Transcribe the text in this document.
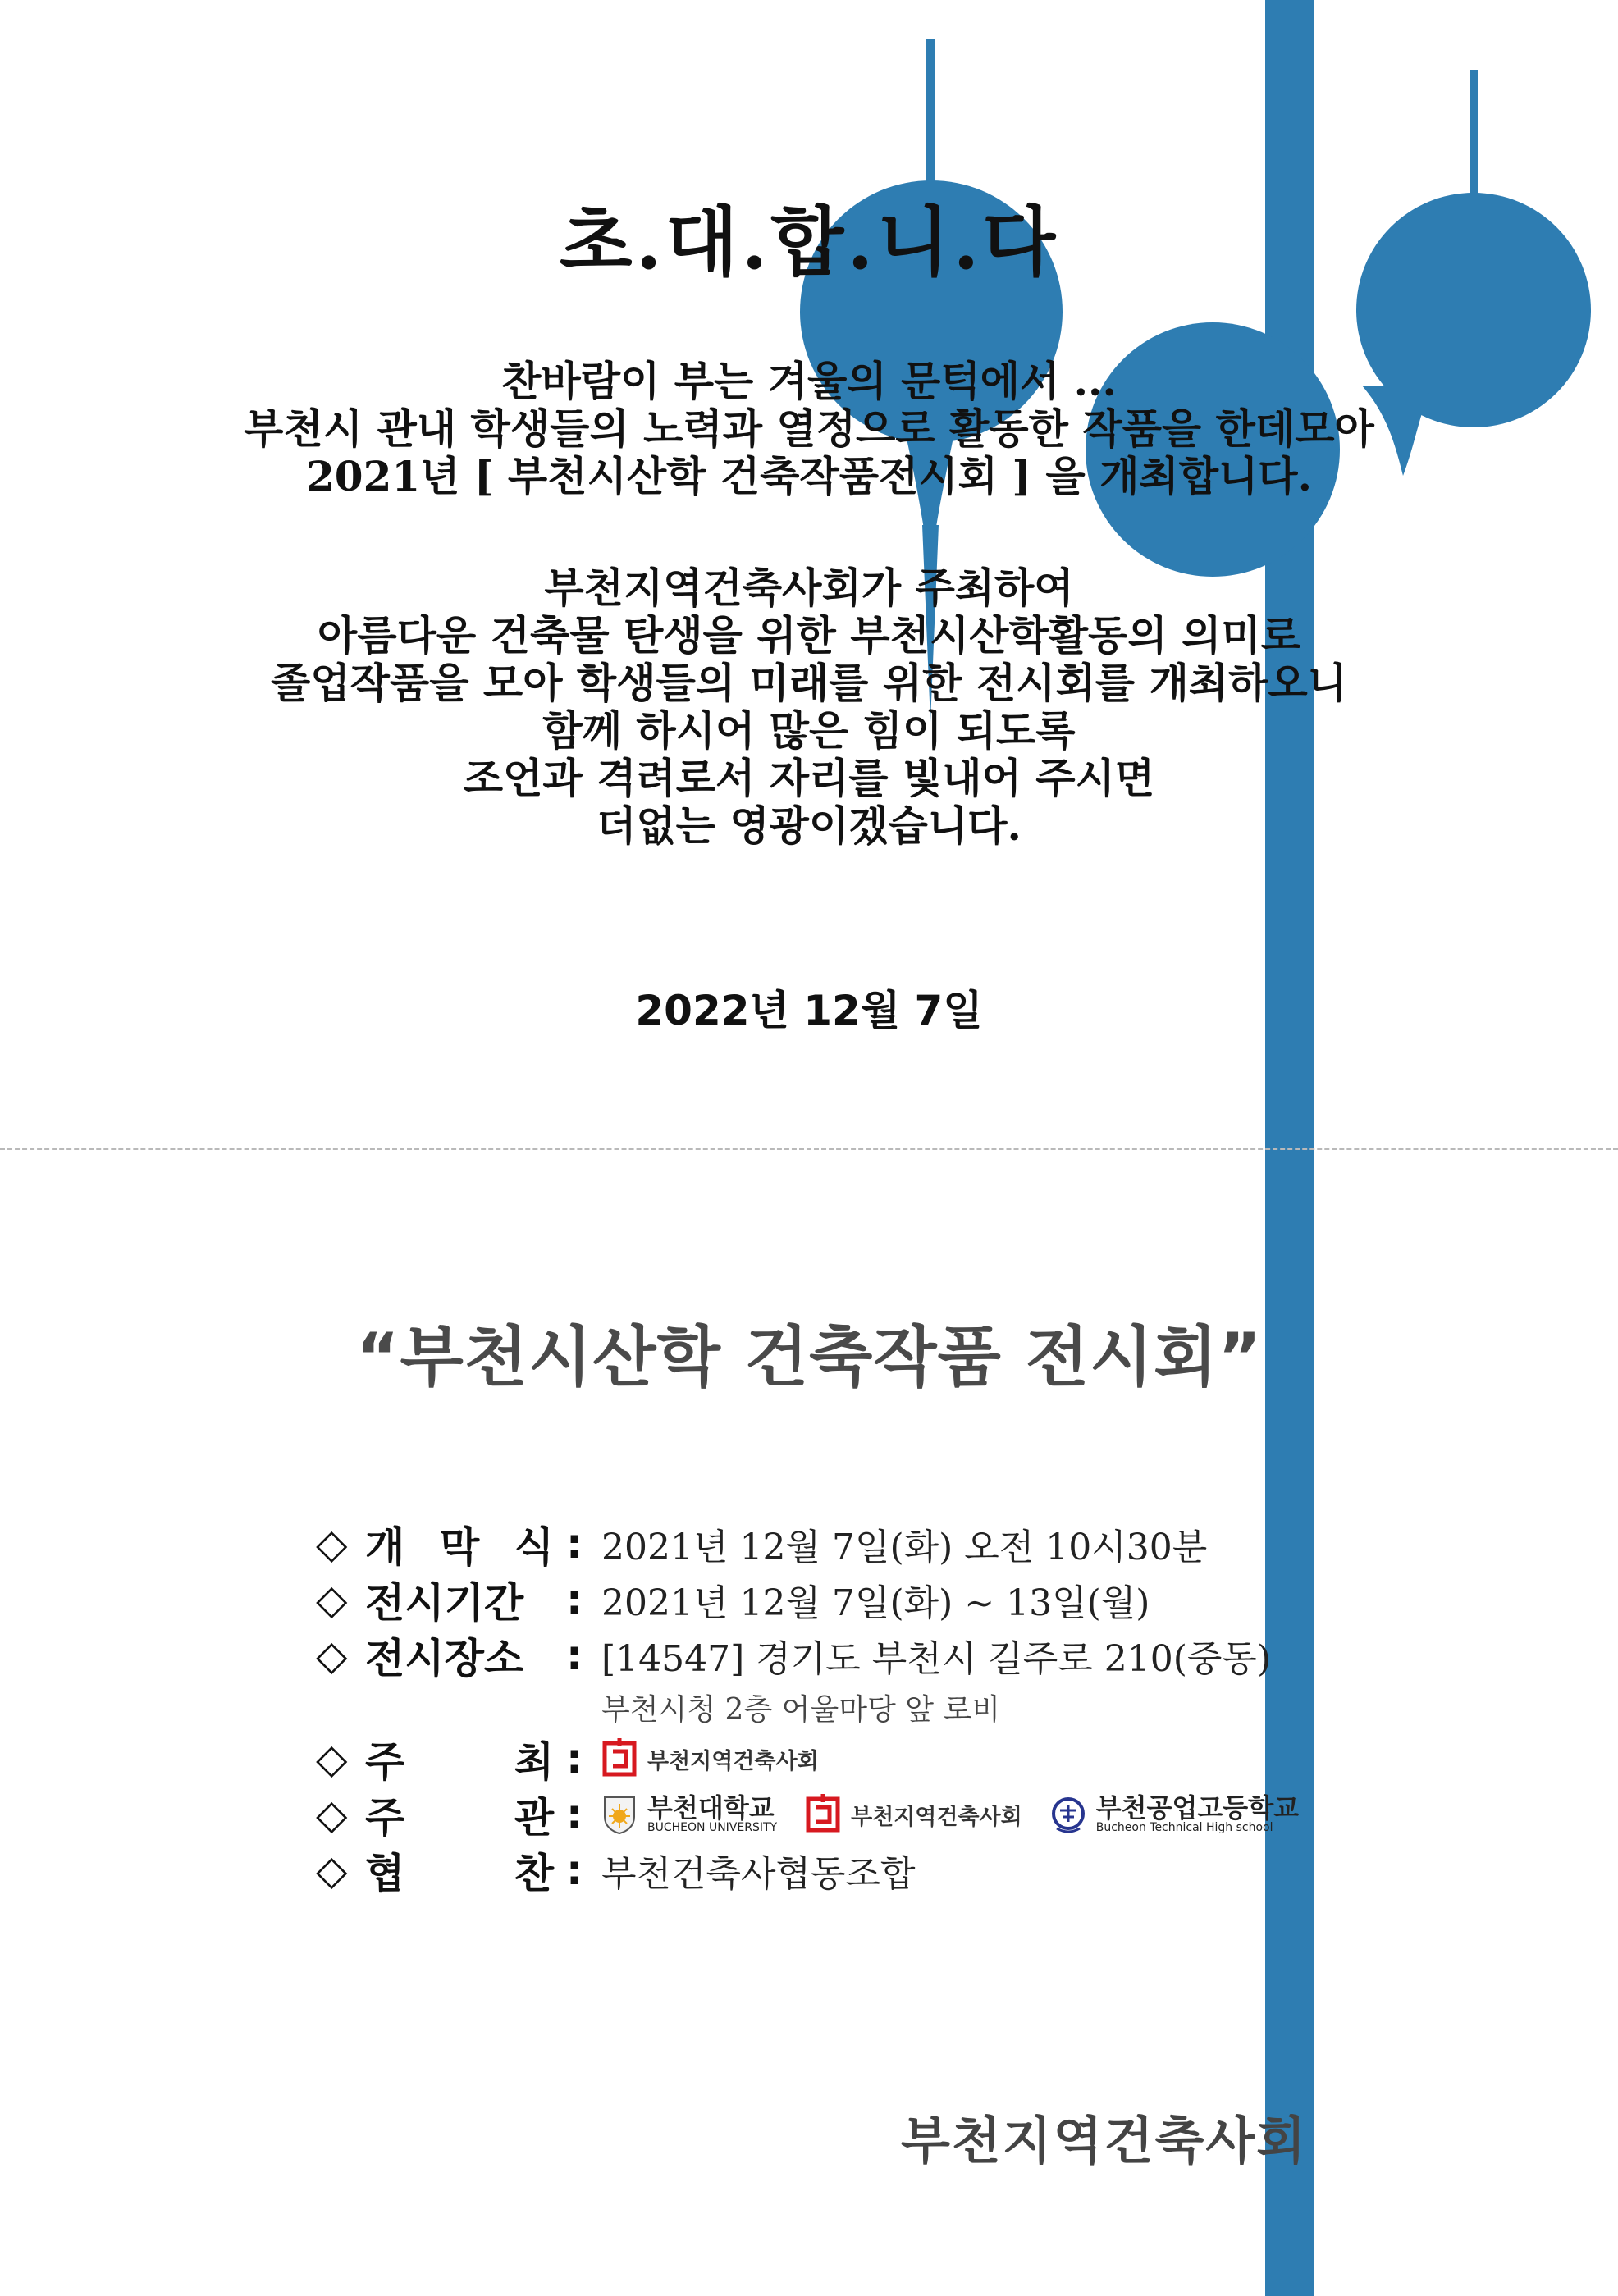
초.대.합.니.다
찬바람이 부는 겨울의 문턱에서 ...
부천시 관내 학생들의 노력과 열정으로 활동한 작품을 한데모아
2021년 [ 부천시산학 건축작품전시회 ] 을 개최합니다.
부천지역건축사회가 주최하여
아름다운 건축물 탄생을 위한 부천시산학활동의 의미로
졸업작품을 모아 학생들의 미래를 위한 전시회를 개최하오니
함께 하시어 많은 힘이 되도록
조언과 격려로서 자리를 빛내어 주시면
더없는 영광이겠습니다.
2022년 12월 7일
“부천시산학 건축작품 전시회”
◇ 개 막 식 : 2021년 12월 7일(화) 오전 10시30분
◇ 전시기간	: 2021년 12월 7일(화) ~ 13일(월)
◇ 전시장소	: [14547] 경기도 부천시 길주로 210(중동)
부천시청 2층 어울마당 앞 로비
◇ 주	최 :	부천지역건축사회
◇ 주	관 :	부천대학교
BUCHEON UNIVERSITY	부천지역건축사회	부천공업고등학교
Bucheon Technical High school
◇ 협	찬 : 부천건축사협동조합
부천지역건축사회
